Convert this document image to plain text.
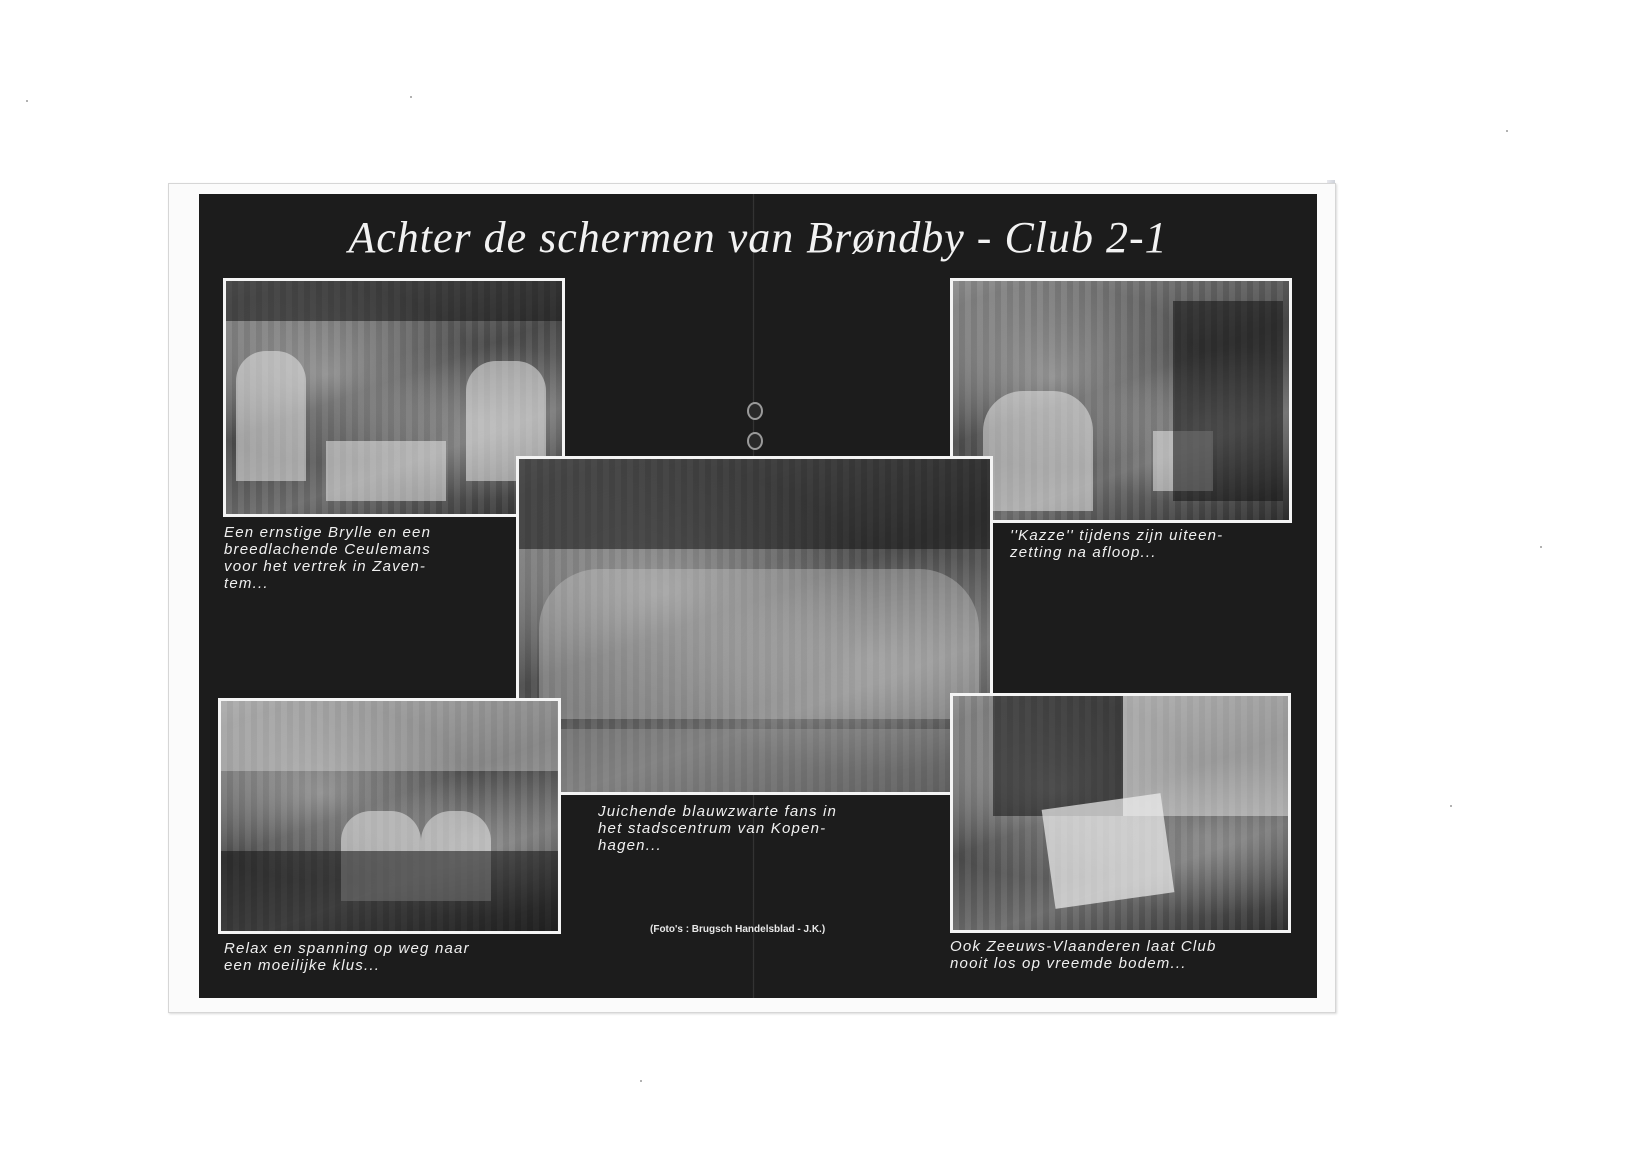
Achter de schermen van Brøndby - Club 2-1
Een ernstige Brylle en een
breedlachende Ceulemans
voor het vertrek in Zaven-
tem...
''Kazze'' tijdens zijn uiteen-
zetting na afloop...
Juichende blauwzwarte fans in
het stadscentrum van Kopen-
hagen...
Relax en spanning op weg naar
een moeilijke klus...
Ook Zeeuws-Vlaanderen laat Club
nooit los op vreemde bodem...
(Foto's : Brugsch Handelsblad - J.K.)
